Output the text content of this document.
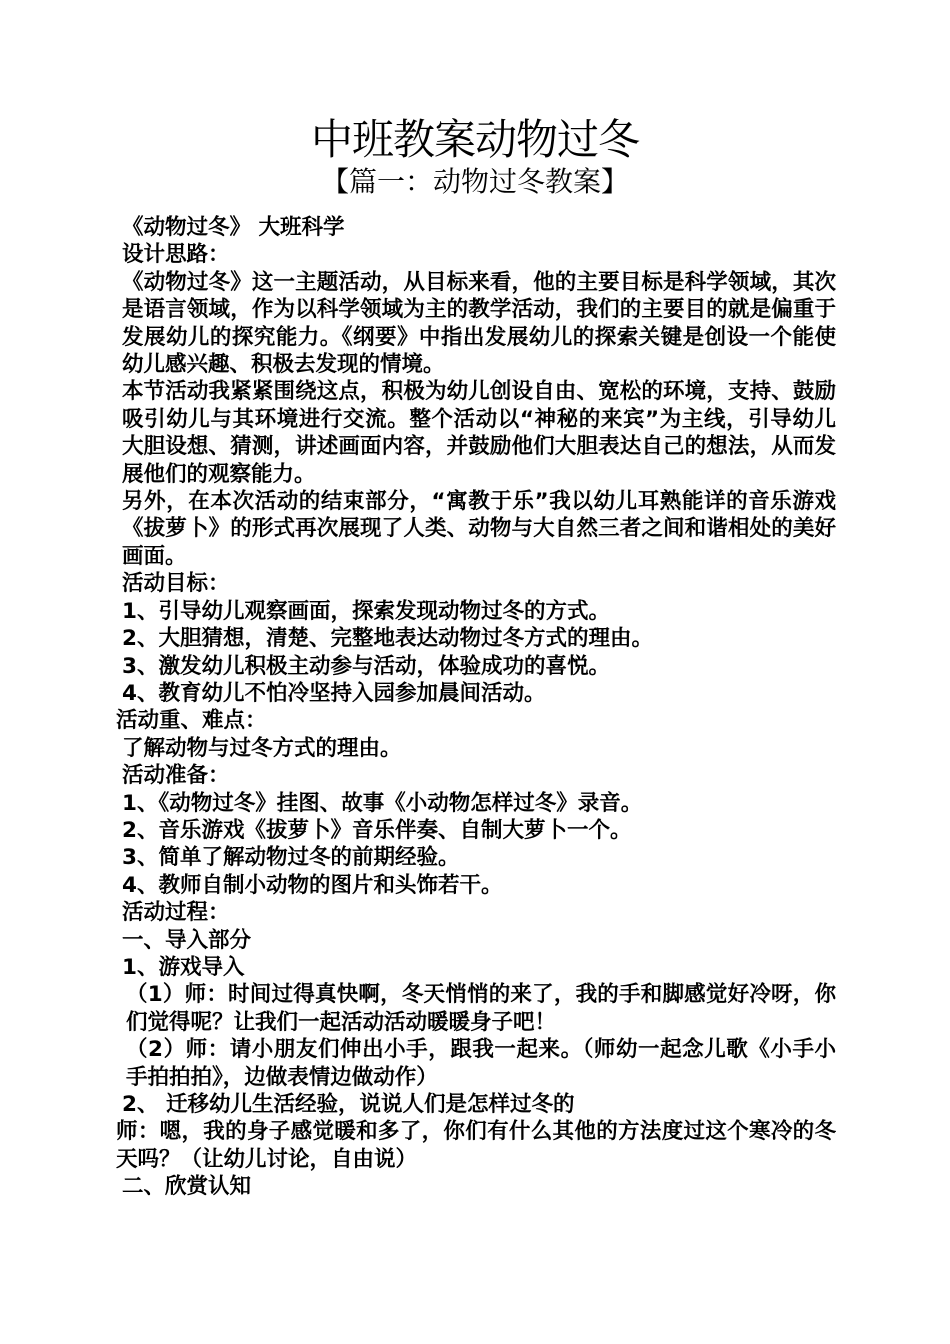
中班教案动物过冬
【篇一：动物过冬教案】

《动物过冬》 大班科学

设计思路：

《动物过冬》这一主题活动，从目标来看，他的主要目标是科学领域，其次是语言领域，作为以科学领域为主的教学活动，我们的主要目的就是偏重于发展幼儿的探究能力。《纲要》中指出发展幼儿的探索关键是创设一个能使幼儿感兴趣、积极去发现的情境。

本节活动我紧紧围绕这点，积极为幼儿创设自由、宽松的环境，支持、鼓励吸引幼儿与其环境进行交流。整个活动以“神秘的来宾”为主线，引导幼儿大胆设想、猜测，讲述画面内容，并鼓励他们大胆表达自己的想法，从而发展他们的观察能力。

另外，在本次活动的结束部分，“寓教于乐”我以幼儿耳熟能详的音乐游戏《拔萝卜》的形式再次展现了人类、动物与大自然三者之间和谐相处的美好画面。

活动目标：

1、引导幼儿观察画面，探索发现动物过冬的方式。

2、大胆猜想，清楚、完整地表达动物过冬方式的理由。

3、激发幼儿积极主动参与活动，体验成功的喜悦。

4、教育幼儿不怕冷坚持入园参加晨间活动。

活动重、难点：

了解动物与过冬方式的理由。

活动准备：

1、《动物过冬》挂图、故事《小动物怎样过冬》录音。

2、音乐游戏《拔萝卜》音乐伴奏、自制大萝卜一个。

3、简单了解动物过冬的前期经验。

4、教师自制小动物的图片和头饰若干。

活动过程：

一、导入部分

1、游戏导入

（1）师：时间过得真快啊，冬天悄悄的来了，我的手和脚感觉好冷呀，你们觉得呢？让我们一起活动活动暖暖身子吧！

（2）师：请小朋友们伸出小手，跟我一起来。（师幼一起念儿歌《小手小手拍拍拍》，边做表情边做动作）

2、 迁移幼儿生活经验，说说人们是怎样过冬的

师：嗯，我的身子感觉暖和多了，你们有什么其他的方法度过这个寒冷的冬天吗？（让幼儿讨论，自由说）

二、欣赏认知
